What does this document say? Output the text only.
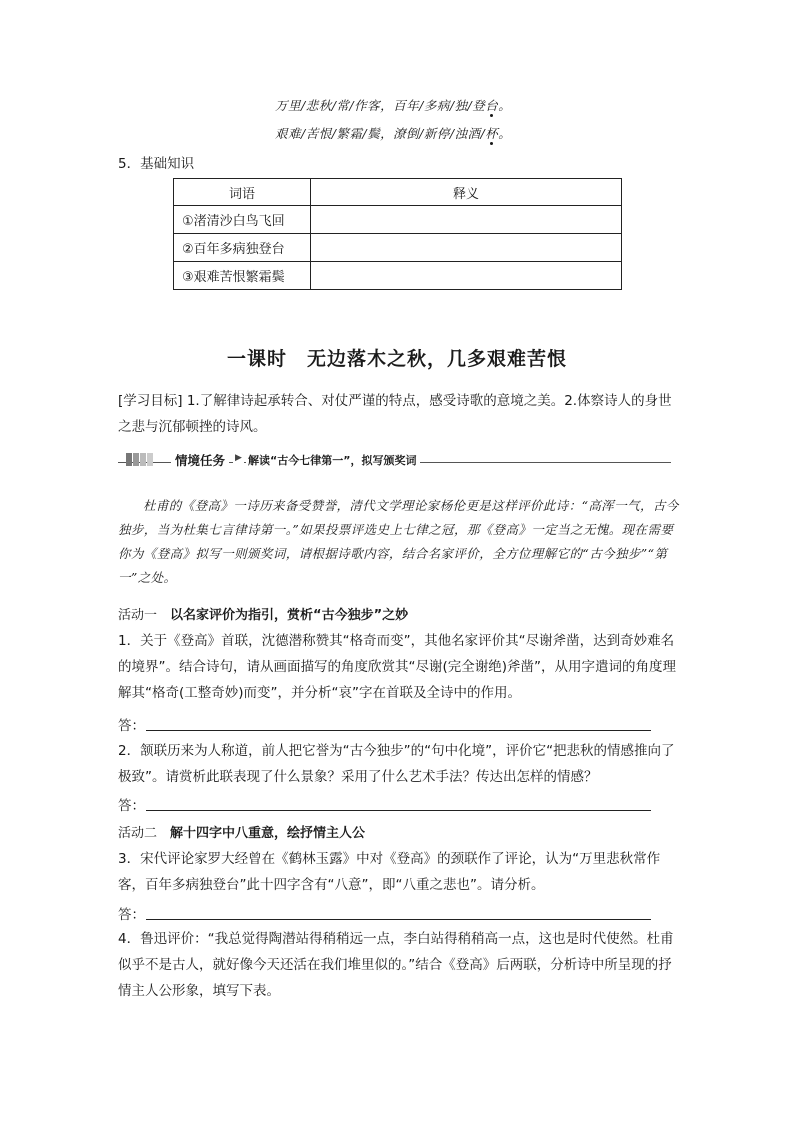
万里/悲秋/常/作客，百年/多病/独/登台。
艰难/苦恨/繁霜/鬓，潦倒/新停/浊酒/杯。
5．基础知识
词语	释义
①渚清沙白鸟飞回	
②百年多病独登台	
③艰难苦恨繁霜鬓	
一课时　无边落木之秋，几多艰难苦恨
[学习目标] 1.了解律诗起承转合、对仗严谨的特点，感受诗歌的意境之美。2.体察诗人的身世之悲与沉郁顿挫的诗风。
情境任务	▶ 解读“古今七律第一”，拟写颁奖词
杜甫的《登高》一诗历来备受赞誉，清代文学理论家杨伦更是这样评价此诗：“高浑一气，古今独步，当为杜集七言律诗第一。”如果投票评选史上七律之冠，那《登高》一定当之无愧。现在需要你为《登高》拟写一则颁奖词，请根据诗歌内容，结合名家评价，全方位理解它的“古今独步”“第一”之处。
活动一　 以名家评价为指引，赏析“古今独步”之妙
1．关于《登高》首联，沈德潜称赞其“格奇而变”，其他名家评价其“尽谢斧凿，达到奇妙难名的境界”。结合诗句，请从画面描写的角度欣赏其“尽谢(完全谢绝)斧凿”，从用字遣词的角度理解其“格奇(工整奇妙)而变”，并分析“哀”字在首联及全诗中的作用。
答：
2．颔联历来为人称道，前人把它誉为“古今独步”的“句中化境”，评价它“把悲秋的情感推向了极致”。请赏析此联表现了什么景象？采用了什么艺术手法？传达出怎样的情感？
答：
活动二　 解十四字中八重意，绘抒情主人公
3．宋代评论家罗大经曾在《鹤林玉露》中对《登高》的颈联作了评论，认为“万里悲秋常作客，百年多病独登台”此十四字含有“八意”，即“八重之悲也”。请分析。
答：
4．鲁迅评价：“我总觉得陶潜站得稍稍远一点，李白站得稍稍高一点，这也是时代使然。杜甫似乎不是古人，就好像今天还活在我们堆里似的。”结合《登高》后两联，分析诗中所呈现的抒情主人公形象，填写下表。
